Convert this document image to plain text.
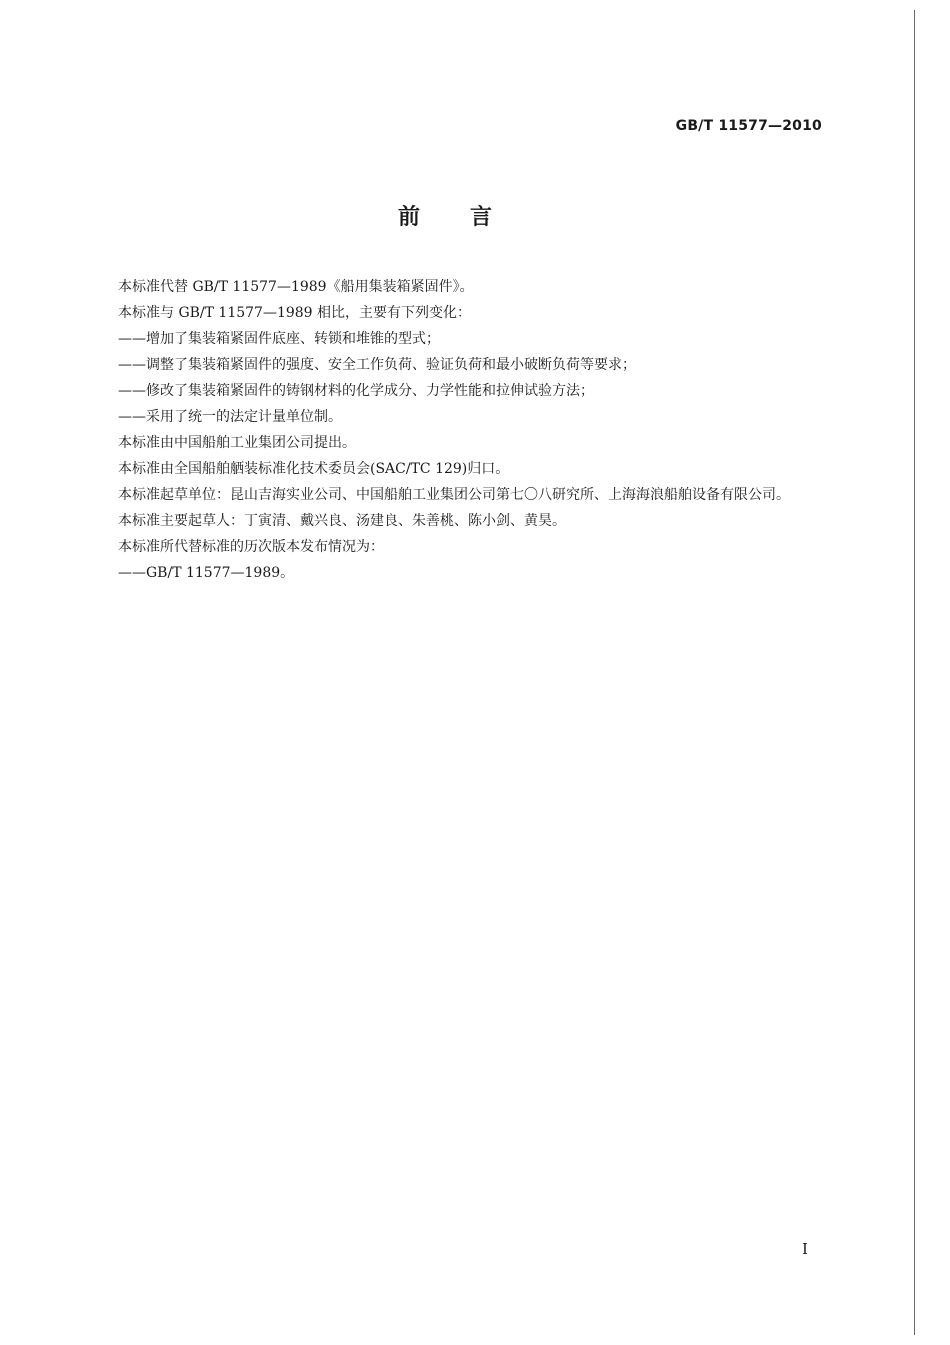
GB/T 11577—2010
前言

本标准代替 GB/T 11577—1989《船用集装箱紧固件》。

本标准与 GB/T 11577—1989 相比，主要有下列变化：

——增加了集装箱紧固件底座、转锁和堆锥的型式；

——调整了集装箱紧固件的强度、安全工作负荷、验证负荷和最小破断负荷等要求；

——修改了集装箱紧固件的铸钢材料的化学成分、力学性能和拉伸试验方法；

——采用了统一的法定计量单位制。

本标准由中国船舶工业集团公司提出。

本标准由全国船舶舾装标准化技术委员会(SAC/TC 129)归口。

本标准起草单位：昆山吉海实业公司、中国船舶工业集团公司第七〇八研究所、上海海浪船舶设备有限公司。

本标准主要起草人：丁寅清、戴兴良、汤建良、朱善桃、陈小剑、黄昊。

本标准所代替标准的历次版本发布情况为：

——GB/T 11577—1989。

I
